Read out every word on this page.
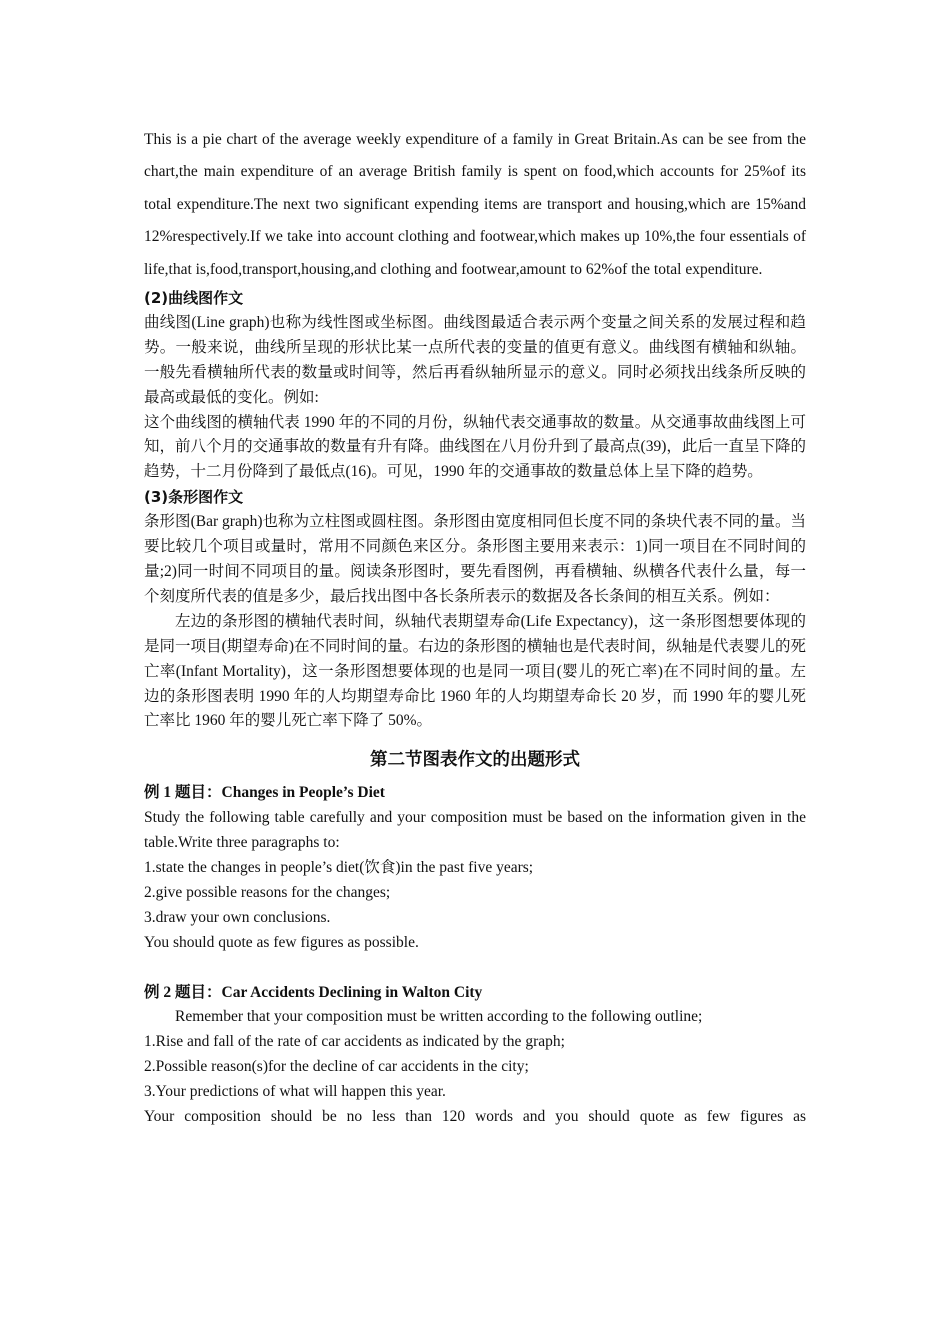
This is a pie chart of the average weekly expenditure of a family in Great Britain.As can be see from the chart,the main expenditure of an average British family is spent on food,which accounts for 25%of its total expenditure.The next two significant expending items are transport and housing,which are 15%and 12%respectively.If we take into account clothing and footwear,which makes up 10%,the four essentials of life,that is,food,transport,housing,and clothing and footwear,amount to 62%of the total expenditure.

(2)曲线图作文

曲线图(Line graph)也称为线性图或坐标图。曲线图最适合表示两个变量之间关系的发展过程和趋势。一般来说，曲线所呈现的形状比某一点所代表的变量的值更有意义。曲线图有横轴和纵轴。一般先看横轴所代表的数量或时间等，然后再看纵轴所显示的意义。同时必须找出线条所反映的最高或最低的变化。例如:

这个曲线图的横轴代表 1990 年的不同的月份，纵轴代表交通事故的数量。从交通事故曲线图上可知，前八个月的交通事故的数量有升有降。曲线图在八月份升到了最高点(39)，此后一直呈下降的趋势，十二月份降到了最低点(16)。可见，1990 年的交通事故的数量总体上呈下降的趋势。

(3)条形图作文

条形图(Bar graph)也称为立柱图或圆柱图。条形图由宽度相同但长度不同的条块代表不同的量。当要比较几个项目或量时，常用不同颜色来区分。条形图主要用来表示：1)同一项目在不同时间的量;2)同一时间不同项目的量。阅读条形图时，要先看图例，再看横轴、纵横各代表什么量，每一个刻度所代表的值是多少，最后找出图中各长条所表示的数据及各长条间的相互关系。例如：

左边的条形图的横轴代表时间，纵轴代表期望寿命(Life Expectancy)，这一条形图想要体现的是同一项目(期望寿命)在不同时间的量。右边的条形图的横轴也是代表时间，纵轴是代表婴儿的死亡率(Infant Mortality)，这一条形图想要体现的也是同一项目(婴儿的死亡率)在不同时间的量。左边的条形图表明 1990 年的人均期望寿命比 1960 年的人均期望寿命长 20 岁，而 1990 年的婴儿死亡率比 1960 年的婴儿死亡率下降了 50%。

第二节图表作文的出题形式

例 1 题目：Changes in People’s Diet

Study the following table carefully and your composition must be based on the information given in the table.Write three paragraphs to:

1.state the changes in people’s diet(饮食)in the past five years;

2.give possible reasons for the changes;

3.draw your own conclusions.

You should quote as few figures as possible.

例 2 题目：Car Accidents Declining in Walton City

Remember that your composition must be written according to the following outline;

1.Rise and fall of the rate of car accidents as indicated by the graph;

2.Possible reason(s)for the decline of car accidents in the city;

3.Your predictions of what will happen this year.

Your composition should be no less than 120 words and you should quote as few figures as
